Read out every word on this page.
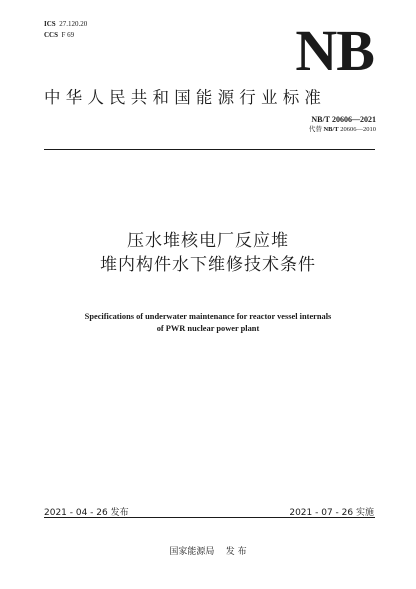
ICS 27.120.20
CCS F 69	NB
中华人民共和国能源行业标准
NB/T 20606—2021
代替 NB/T 20606—2010
压水堆核电厂反应堆
堆内构件水下维修技术条件
Specifications of underwater maintenance for reactor vessel internals
of PWR nuclear power plant
2021 - 04 - 26 发布	2021 - 07 - 26 实施
国家能源局 发 布
